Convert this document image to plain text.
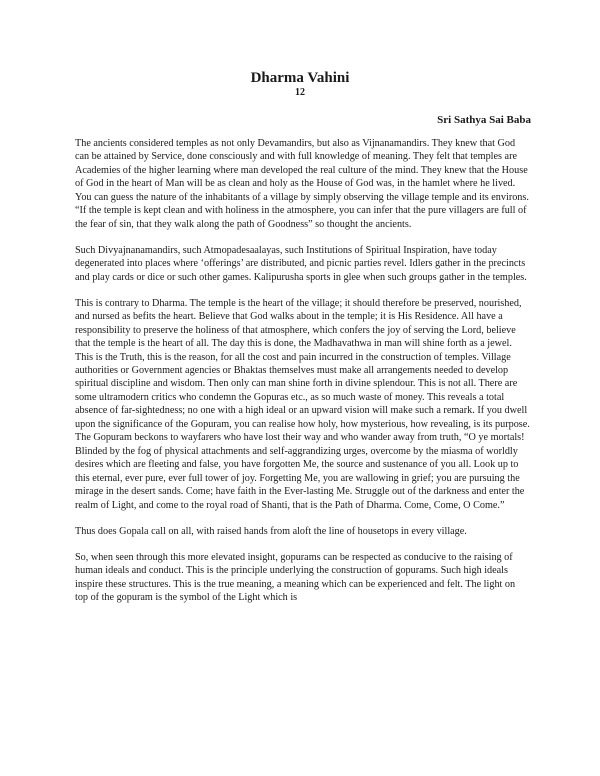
Dharma Vahini
12
Sri Sathya Sai Baba

The ancients considered temples as not only Devamandirs, but also as Vijnanamandirs. They knew that God can be attained by Service, done consciously and with full knowledge of meaning. They felt that temples are Academies of the higher learning where man developed the real culture of the mind. They knew that the House of God in the heart of Man will be as clean and holy as the House of God was, in the hamlet where he lived. You can guess the nature of the inhabitants of a village by simply observing the village temple and its environs. “If the temple is kept clean and with holiness in the atmosphere, you can infer that the pure villagers are full of the fear of sin, that they walk along the path of Goodness” so thought the ancients.

Such Divyajnanamandirs, such Atmopadesaalayas, such Institutions of Spiritual Inspiration, have today degenerated into places where ‘offerings’ are distributed, and picnic parties revel. Idlers gather in the precincts and play cards or dice or such other games. Kalipurusha sports in glee when such groups gather in the temples.

This is contrary to Dharma. The temple is the heart of the village; it should therefore be preserved, nourished, and nursed as befits the heart. Believe that God walks about in the temple; it is His Residence. All have a responsibility to preserve the holiness of that atmosphere, which confers the joy of serving the Lord, believe that the temple is the heart of all. The day this is done, the Madhavathwa in man will shine forth as a jewel. This is the Truth, this is the reason, for all the cost and pain incurred in the construction of temples. Village authorities or Government agencies or Bhaktas themselves must make all arrangements needed to develop spiritual discipline and wisdom. Then only can man shine forth in divine splendour. This is not all. There are some ultramodern critics who condemn the Gopuras etc., as so much waste of money. This reveals a total absence of far-sightedness; no one with a high ideal or an upward vision will make such a remark. If you dwell upon the significance of the Gopuram, you can realise how holy, how mysterious, how revealing, is its purpose. The Gopuram beckons to wayfarers who have lost their way and who wander away from truth, “O ye mortals! Blinded by the fog of physical attachments and self-aggrandizing urges, overcome by the miasma of worldly desires which are fleeting and false, you have forgotten Me, the source and sustenance of you all. Look up to this eternal, ever pure, ever full tower of joy. Forgetting Me, you are wallowing in grief; you are pursuing the mirage in the desert sands. Come; have faith in the Ever-lasting Me. Struggle out of the darkness and enter the realm of Light, and come to the royal road of Shanti, that is the Path of Dharma. Come, Come, O Come.”

Thus does Gopala call on all, with raised hands from aloft the line of housetops in every village.

So, when seen through this more elevated insight, gopurams can be respected as conducive to the raising of human ideals and conduct. This is the principle underlying the construction of gopurams. Such high ideals inspire these structures. This is the true meaning, a meaning which can be experienced and felt. The light on top of the gopuram is the symbol of the Light which is
